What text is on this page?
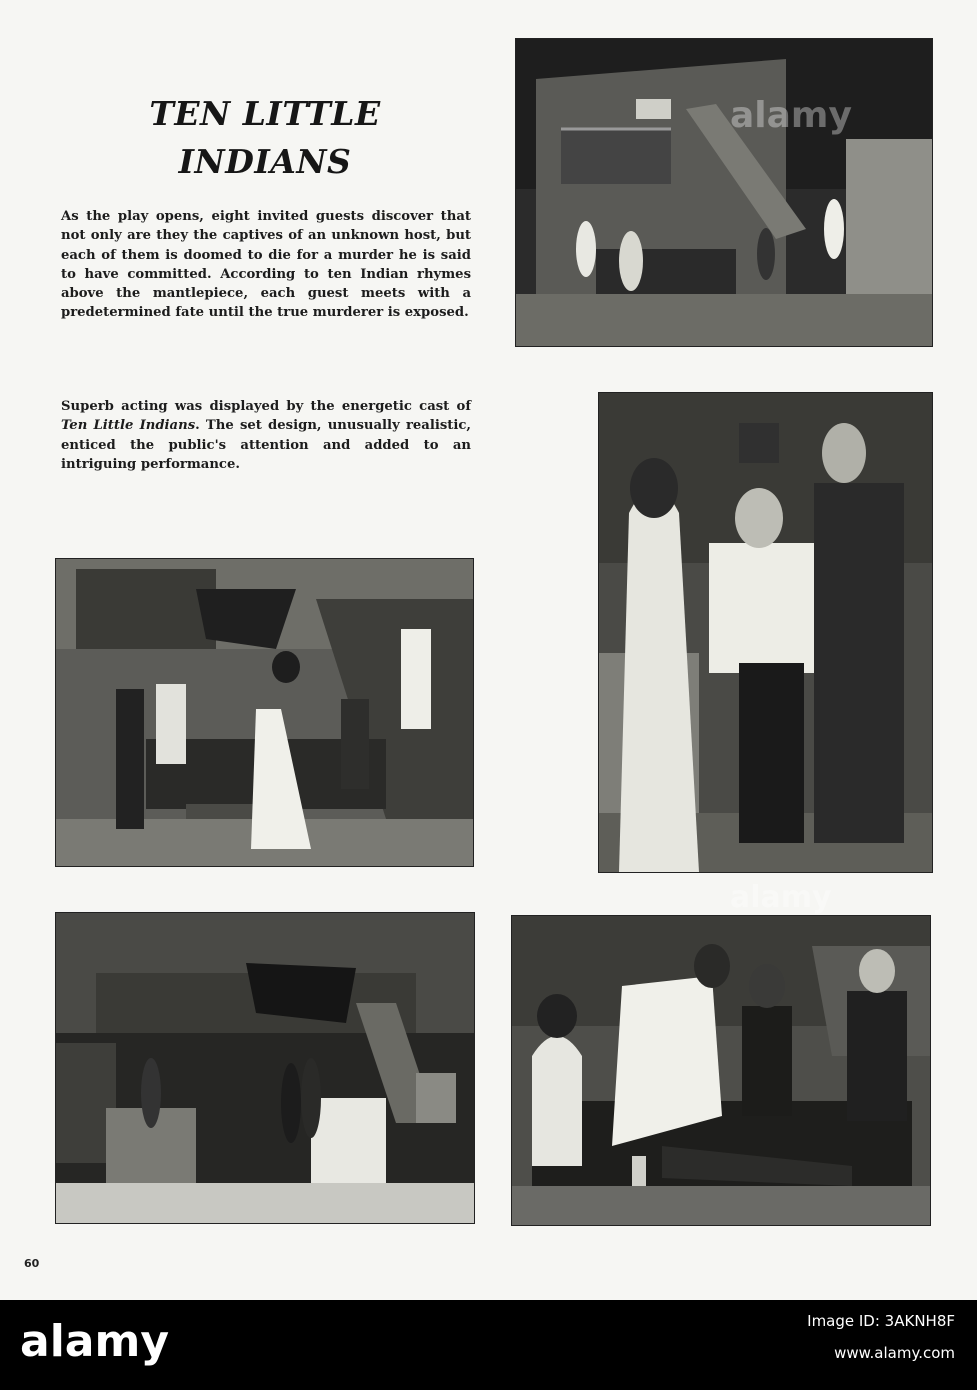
TEN LITTLE
INDIANS

As the play opens, eight invited guests discover that not only are they the captives of an unknown host, but each of them is doomed to die for a murder he is said to have committed. According to ten Indian rhymes above the mantlepiece, each guest meets with a predetermined fate until the true murderer is exposed.

Superb acting was displayed by the energetic cast of Ten Little Indians. The set design, unusually realistic, enticed the public's attention and added to an intriguing performance.

alamy
alamy
60
alamy	Image ID: 3AKNH8F
www.alamy.com
